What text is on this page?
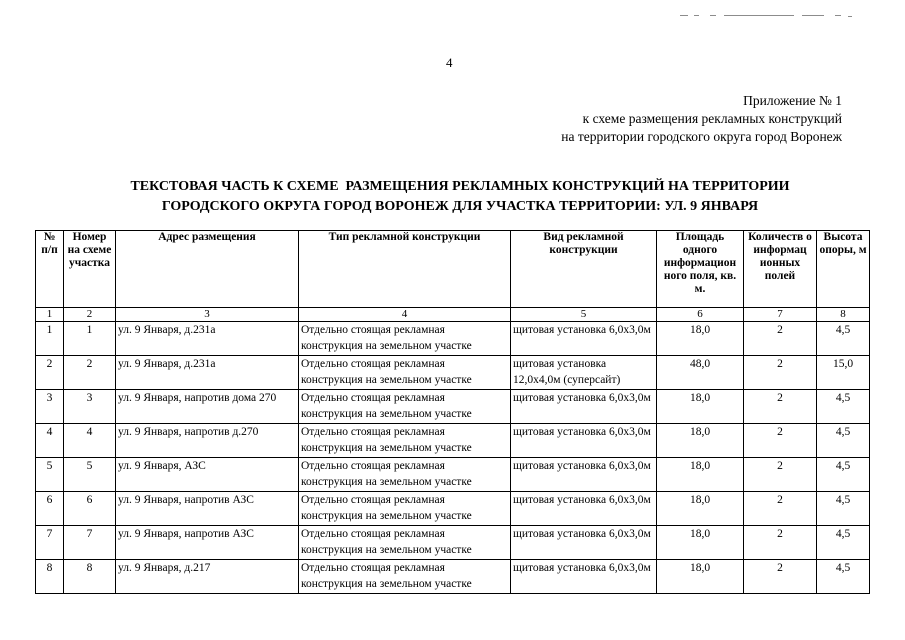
4
Приложение № 1
к схеме размещения рекламных конструкций
на территории городского округа город Воронеж
ТЕКСТОВАЯ ЧАСТЬ К СХЕМЕ  РАЗМЕЩЕНИЯ РЕКЛАМНЫХ КОНСТРУКЦИЙ НА ТЕРРИТОРИИ
ГОРОДСКОГО ОКРУГА ГОРОД ВОРОНЕЖ ДЛЯ УЧАСТКА ТЕРРИТОРИИ: УЛ. 9 ЯНВАРЯ
№ п/п	Номер на схеме участка	Адрес размещения	Тип рекламной конструкции	Вид рекламной конструкции	Площадь одного информацион ного поля, кв. м.	Количеств о информац ионных полей	Высота опоры, м
1	2	3	4	5	6	7	8
1	1	ул. 9 Января, д.231а	Отдельно стоящая рекламная конструкция на земельном участке	щитовая установка 6,0х3,0м	18,0	2	4,5
2	2	ул. 9 Января, д.231а	Отдельно стоящая рекламная конструкция на земельном участке	щитовая установка 12,0х4,0м (суперсайт)	48,0	2	15,0
3	3	ул. 9 Января, напротив дома 270	Отдельно стоящая рекламная конструкция на земельном участке	щитовая установка 6,0х3,0м	18,0	2	4,5
4	4	ул. 9 Января, напротив д.270	Отдельно стоящая рекламная конструкция на земельном участке	щитовая установка 6,0х3,0м	18,0	2	4,5
5	5	ул. 9 Января, АЗС	Отдельно стоящая рекламная конструкция на земельном участке	щитовая установка 6,0х3,0м	18,0	2	4,5
6	6	ул. 9 Января, напротив АЗС	Отдельно стоящая рекламная конструкция на земельном участке	щитовая установка 6,0х3,0м	18,0	2	4,5
7	7	ул. 9 Января, напротив АЗС	Отдельно стоящая рекламная конструкция на земельном участке	щитовая установка 6,0х3,0м	18,0	2	4,5
8	8	ул. 9 Января, д.217	Отдельно стоящая рекламная конструкция на земельном участке	щитовая установка 6,0х3,0м	18,0	2	4,5
